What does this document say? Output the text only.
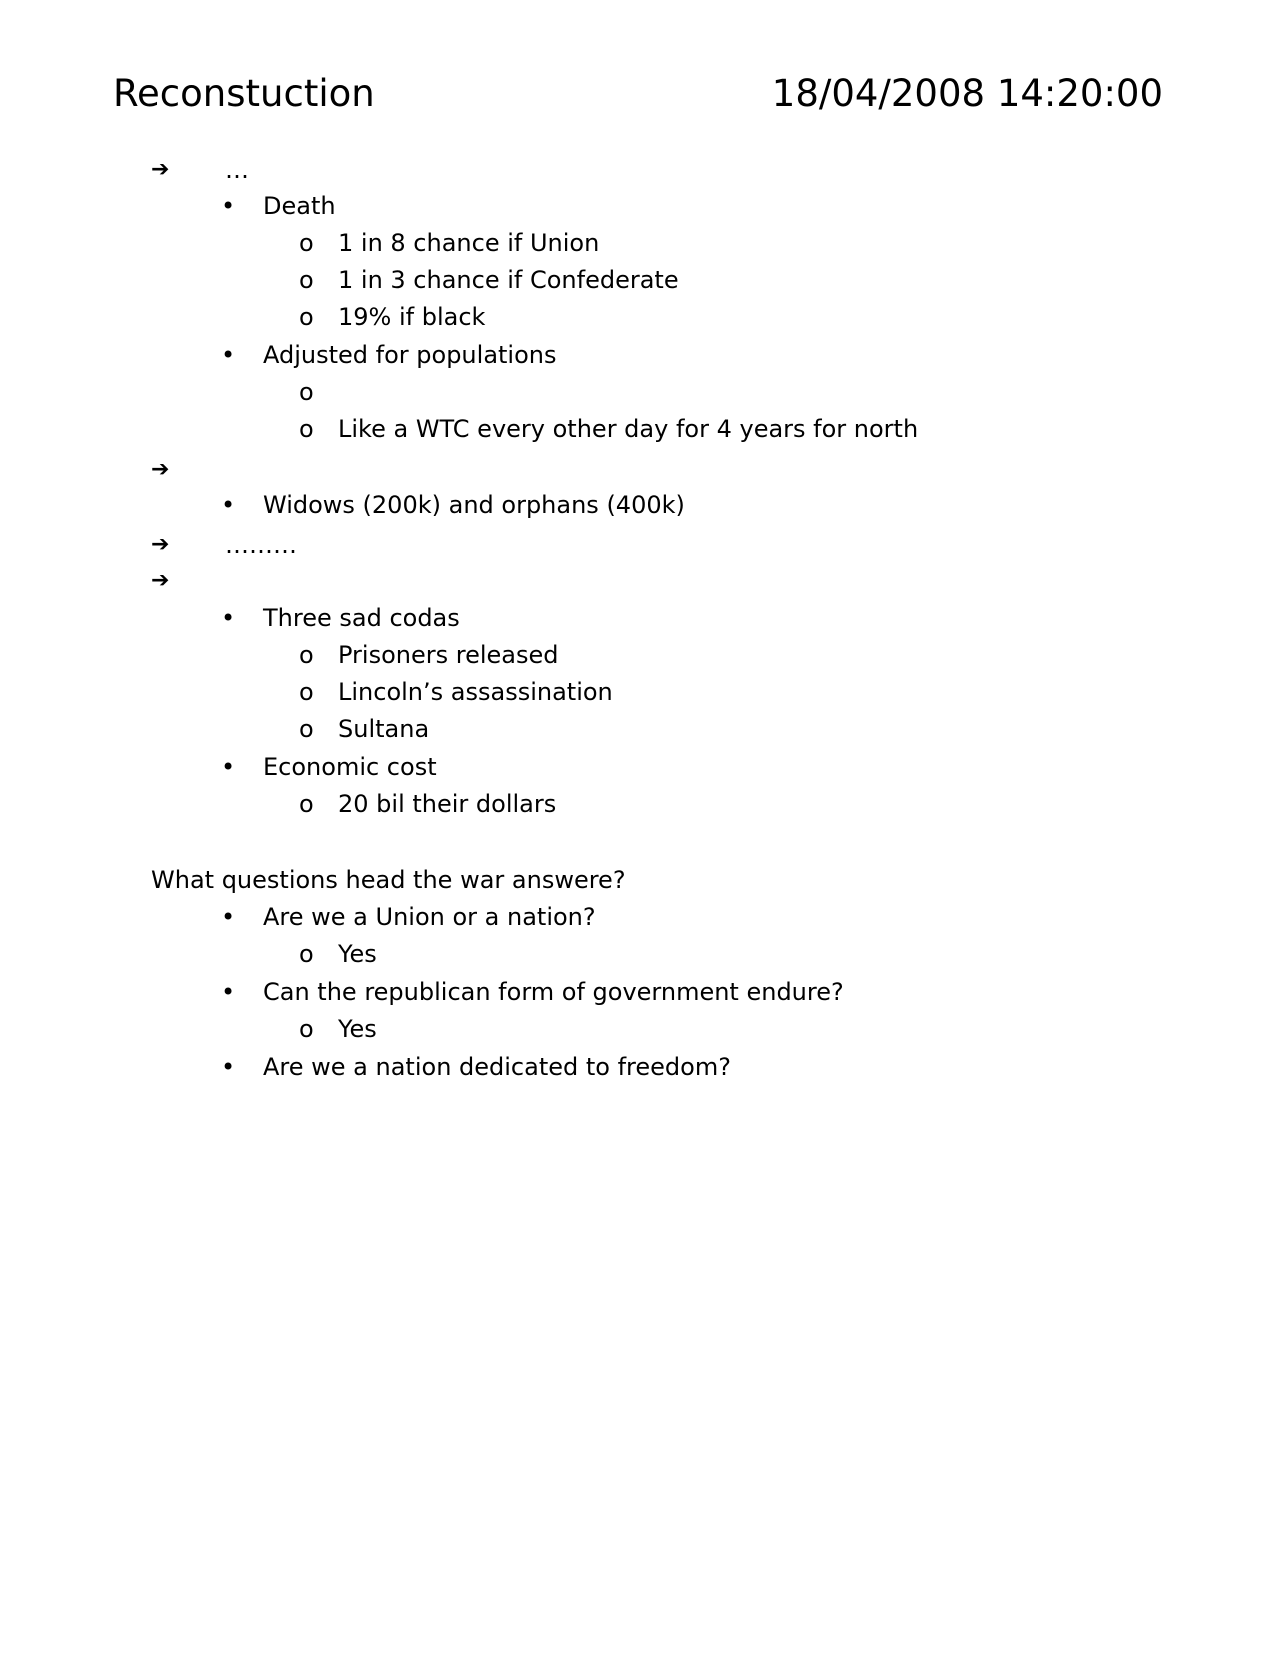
Reconstuction	18/04/2008 14:20:00
➔ …
• Death
o 1 in 8 chance if Union
o 1 in 3 chance if Confederate
o 19% if black
• Adjusted for populations
o
o Like a WTC every other day for 4 years for north
➔
• Widows (200k) and orphans (400k)
➔ ………
➔
• Three sad codas
o Prisoners released
o Lincoln’s assassination
o Sultana
• Economic cost
o 20 bil their dollars
What questions head the war answere?
• Are we a Union or a nation?
o Yes
• Can the republican form of government endure?
o Yes
• Are we a nation dedicated to freedom?
